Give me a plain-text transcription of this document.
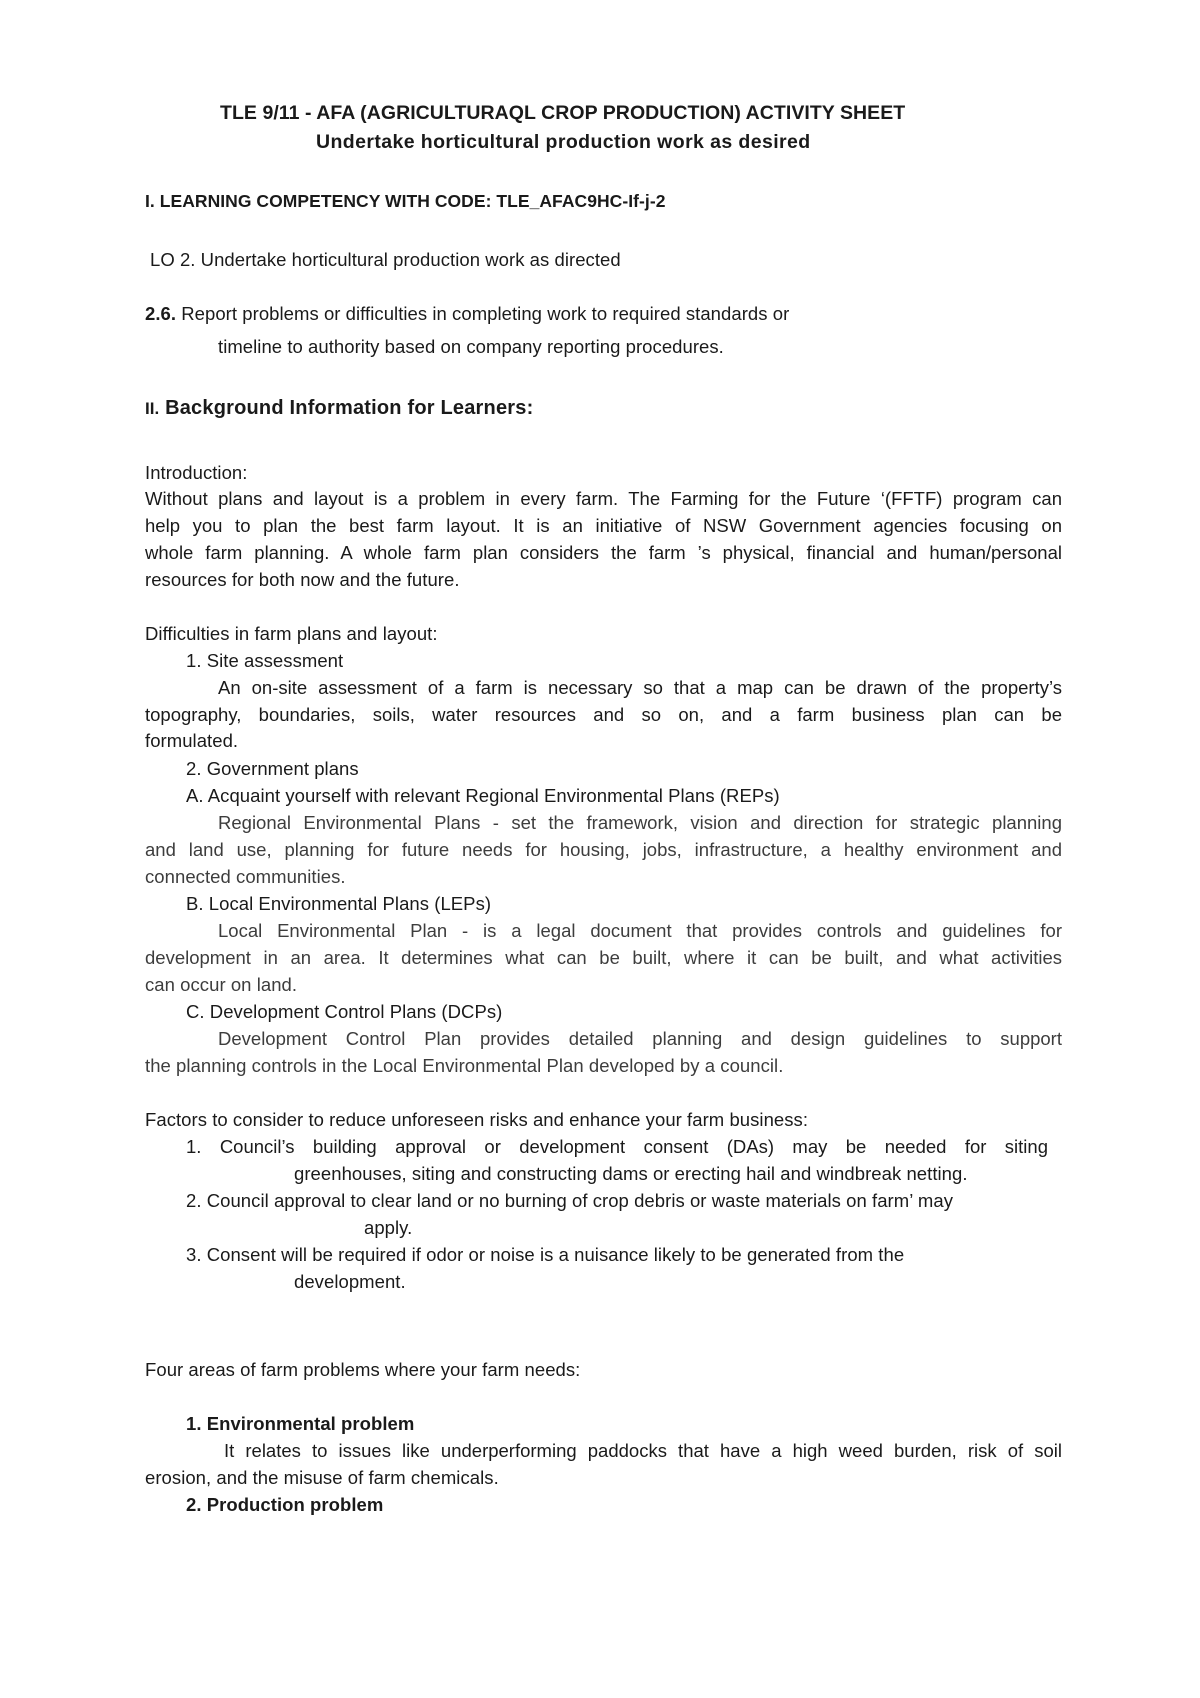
TLE 9/11 - AFA (AGRICULTURAQL CROP PRODUCTION) ACTIVITY SHEET
Undertake horticultural production work as desired
I. LEARNING COMPETENCY WITH CODE: TLE_AFAC9HC-If-j-2
LO 2. Undertake horticultural production work as directed
2.6. Report problems or difficulties in completing work to required standards or
timeline to authority based on company reporting procedures.
II. Background Information for Learners:
Introduction:
Without plans and layout is a problem in every farm. The Farming for the Future ‘(FFTF) program can
help you to plan the best farm layout. It is an initiative of NSW Government agencies focusing on
whole farm planning. A whole farm plan considers the farm ’s physical, financial and human/personal
resources for both now and the future.
Difficulties in farm plans and layout:
1. Site assessment
An on-site assessment of a farm is necessary so that a map can be drawn of the property’s
topography, boundaries, soils, water resources and so on, and a farm business plan can be
formulated.
2. Government plans
A. Acquaint yourself with relevant Regional Environmental Plans (REPs)
Regional Environmental Plans - set the framework, vision and direction for strategic planning
and land use, planning for future needs for housing, jobs, infrastructure, a healthy environment and
connected communities.
B. Local Environmental Plans (LEPs)
Local Environmental Plan - is a legal document that provides controls and guidelines for
development in an area. It determines what can be built, where it can be built, and what activities
can occur on land.
C. Development Control Plans (DCPs)
Development Control Plan provides detailed planning and design guidelines to support
the planning controls in the Local Environmental Plan developed by a council.
Factors to consider to reduce unforeseen risks and enhance your farm business:
1. Council’s building approval or development consent (DAs) may be needed for siting
greenhouses, siting and constructing dams or erecting hail and windbreak netting.
2. Council approval to clear land or no burning of crop debris or waste materials on farm’ may
apply.
3. Consent will be required if odor or noise is a nuisance likely to be generated from the
development.
Four areas of farm problems where your farm needs:
1. Environmental problem
It relates to issues like underperforming paddocks that have a high weed burden, risk of soil
erosion, and the misuse of farm chemicals.
2. Production problem
